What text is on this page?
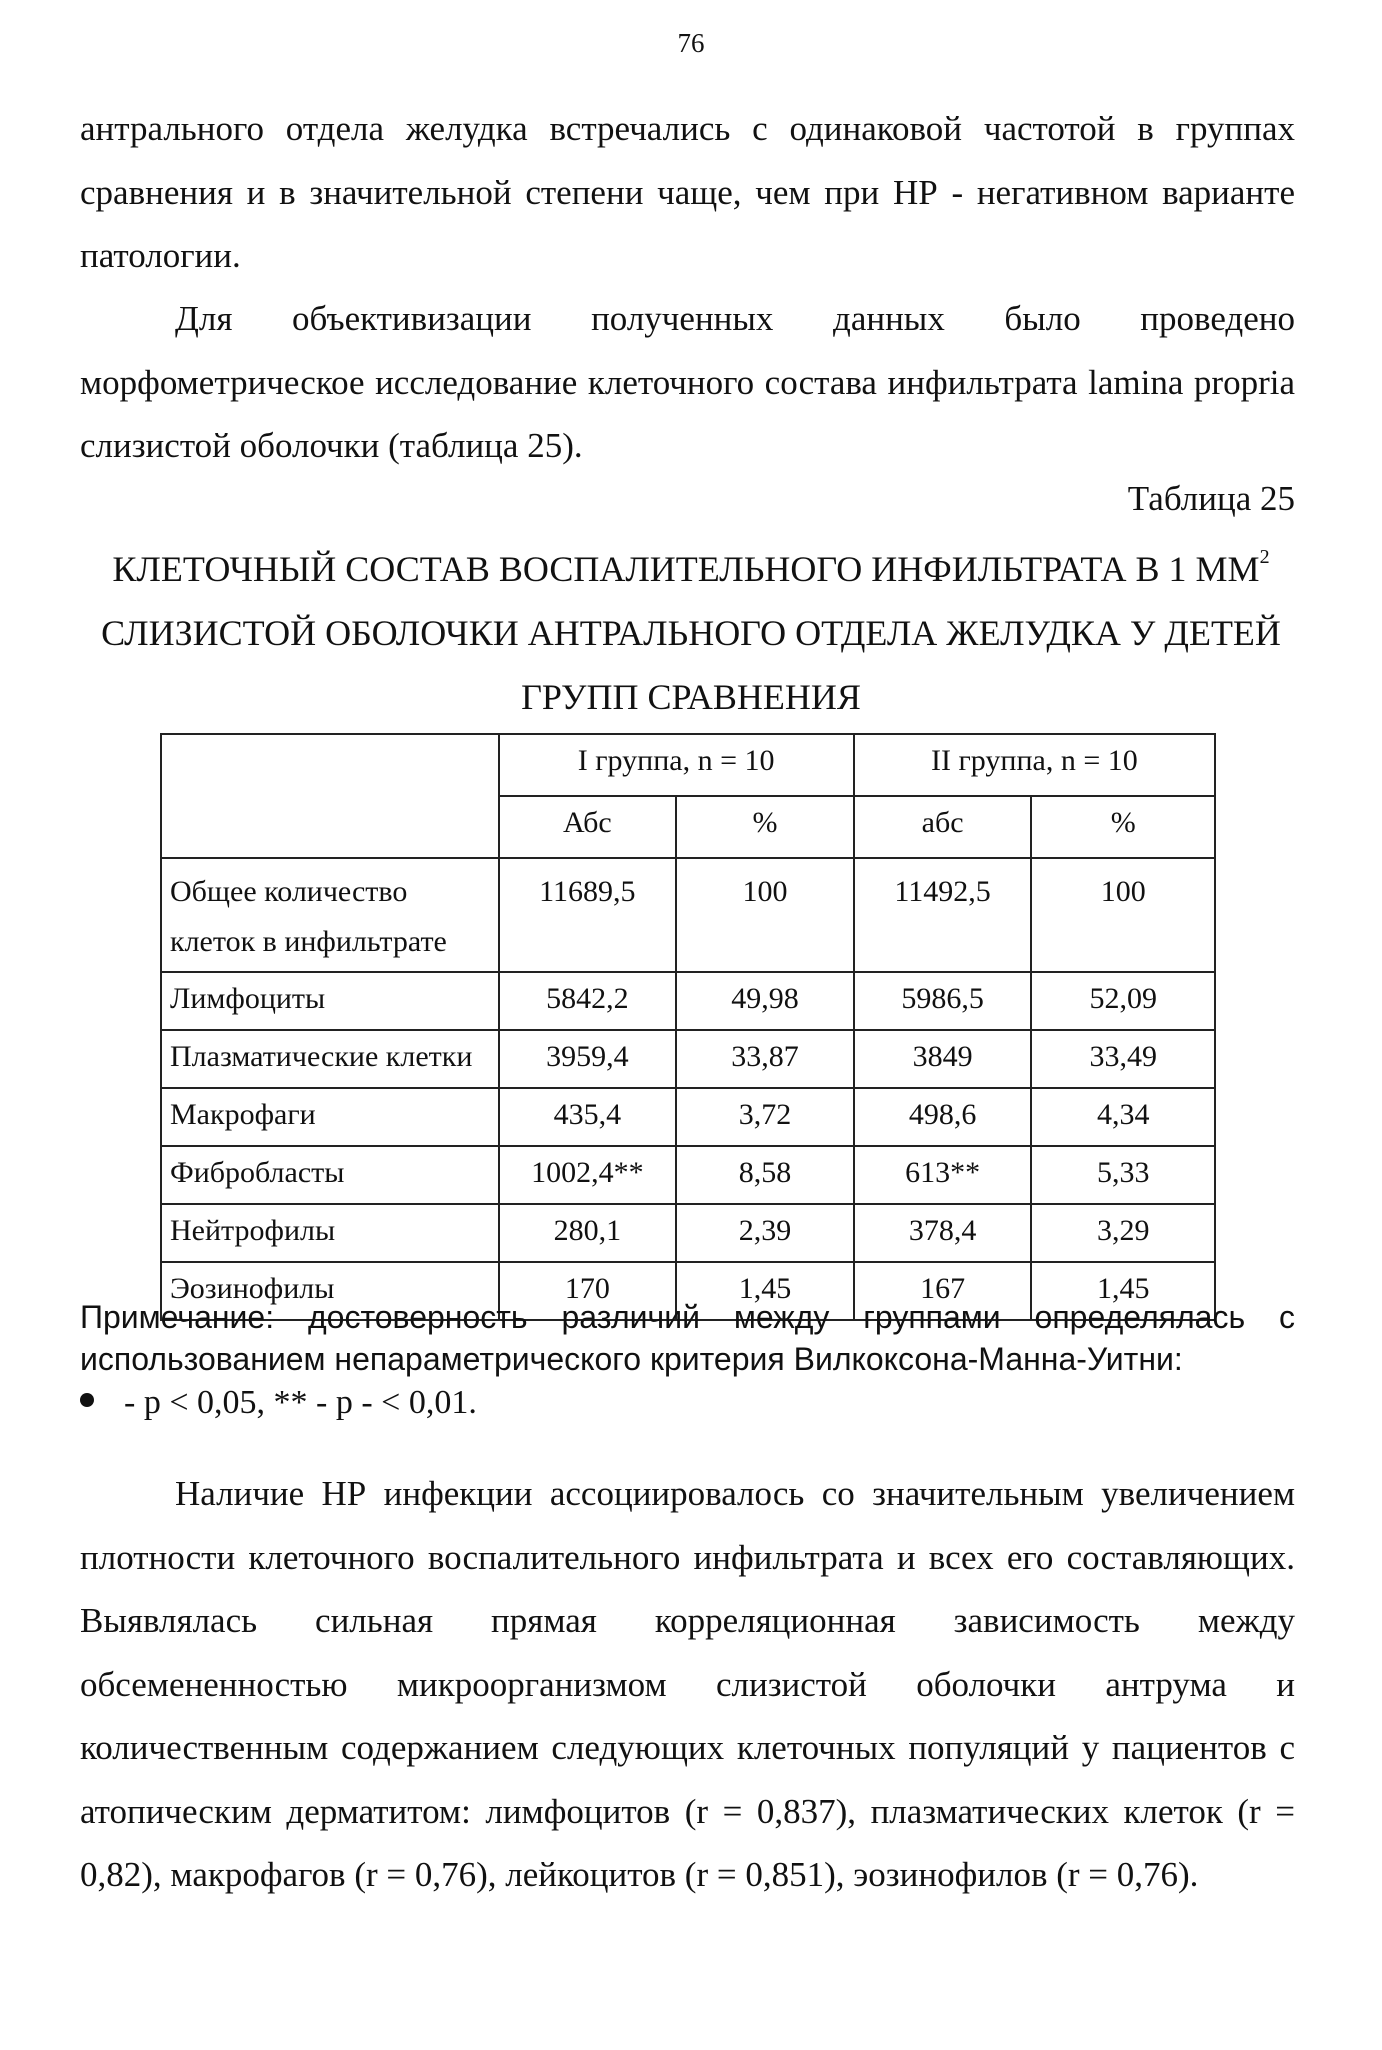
76

антрального отдела желудка встречались с одинаковой частотой в группах сравнения и в значительной степени чаще, чем при НР - негативном варианте патологии.

Для объективизации полученных данных было проведено морфометрическое исследование клеточного состава инфильтрата lamina propria слизистой оболочки (таблица 25).

Таблица 25
КЛЕТОЧНЫЙ СОСТАВ ВОСПАЛИТЕЛЬНОГО ИНФИЛЬТРАТА В 1 $ММ^2$ СЛИЗИСТОЙ ОБОЛОЧКИ АНТРАЛЬНОГО ОТДЕЛА ЖЕЛУДКА У ДЕТЕЙ ГРУПП СРАВНЕНИЯ
	I группа, n = 10		II группа, n = 10	
	Абс	%	абс	%
Общее количество клеток в инфильтрате	11689,5	100	11492,5	100
Лимфоциты	5842,2	49,98	5986,5	52,09
Плазматические клетки	3959,4	33,87	3849	33,49
Макрофаги	435,4	3,72	498,6	4,34
Фибробласты	1002,4**	8,58	613**	5,33
Нейтрофилы	280,1	2,39	378,4	3,29
Эозинофилы	170	1,45	167	1,45

Примечание: достоверность различий между группами определялась с использованием непараметрического критерия Вилкоксона-Манна-Уитни:

- р < 0,05, ** - р - < 0,01.

Наличие НР инфекции ассоциировалось со значительным увеличением плотности клеточного воспалительного инфильтрата и всех его составляющих. Выявлялась сильная прямая корреляционная зависимость между обсемененностью микроорганизмом слизистой оболочки антрума и количественным содержанием следующих клеточных популяций у пациентов с атопическим дерматитом: лимфоцитов (r = 0,837), плазматических клеток (r = 0,82), макрофагов (r = 0,76), лейкоцитов (r = 0,851), эозинофилов (r = 0,76).
